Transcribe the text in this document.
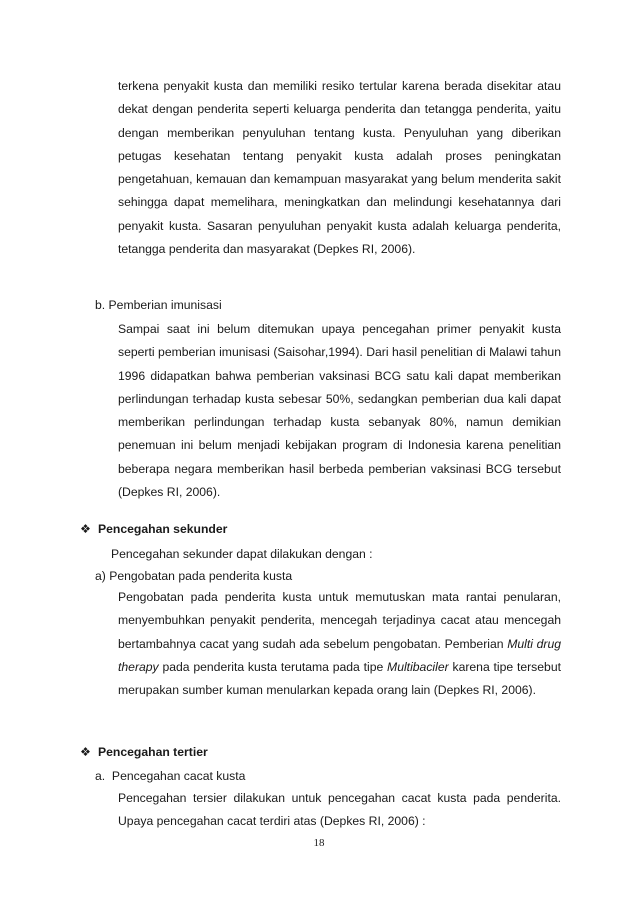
terkena penyakit kusta dan memiliki resiko tertular karena berada disekitar atau dekat dengan penderita seperti keluarga penderita dan tetangga penderita, yaitu dengan memberikan penyuluhan tentang kusta. Penyuluhan yang diberikan petugas kesehatan tentang penyakit kusta adalah proses peningkatan pengetahuan, kemauan dan kemampuan masyarakat yang belum menderita sakit sehingga dapat memelihara, meningkatkan dan melindungi kesehatannya dari penyakit kusta. Sasaran penyuluhan penyakit kusta adalah keluarga penderita, tetangga penderita dan masyarakat (Depkes RI, 2006).

b. Pemberian imunisasi

Sampai saat ini belum ditemukan upaya pencegahan primer penyakit kusta seperti pemberian imunisasi (Saisohar,1994). Dari hasil penelitian di Malawi tahun 1996 didapatkan bahwa pemberian vaksinasi BCG satu kali dapat memberikan perlindungan terhadap kusta sebesar 50%, sedangkan pemberian dua kali dapat memberikan perlindungan terhadap kusta sebanyak 80%, namun demikian penemuan ini belum menjadi kebijakan program di Indonesia karena penelitian beberapa negara memberikan hasil berbeda pemberian vaksinasi BCG tersebut (Depkes RI, 2006).

❖ Pencegahan sekunder
Pencegahan sekunder dapat dilakukan dengan :
a) Pengobatan pada penderita kusta

Pengobatan pada penderita kusta untuk memutuskan mata rantai penularan, menyembuhkan penyakit penderita, mencegah terjadinya cacat atau mencegah bertambahnya cacat yang sudah ada sebelum pengobatan. Pemberian Multi drug therapy pada penderita kusta terutama pada tipe Multibaciler karena tipe tersebut merupakan sumber kuman menularkan kepada orang lain (Depkes RI, 2006).

❖ Pencegahan tertier
a.  Pencegahan cacat kusta

Pencegahan tersier dilakukan untuk pencegahan cacat kusta pada penderita. Upaya pencegahan cacat terdiri atas (Depkes RI, 2006) :

18
